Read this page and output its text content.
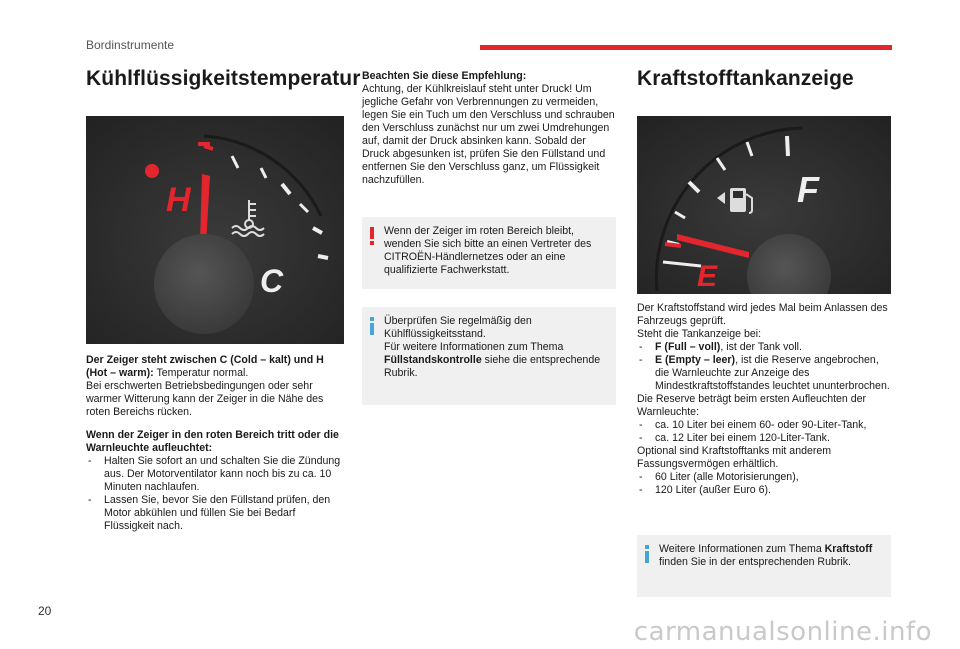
Bordinstrumente
Kühlflüssigkeitstemperatur
H
C

Der Zeiger steht zwischen C (Cold – kalt) und H (Hot – warm): Temperatur normal.

Bei erschwerten Betriebsbedingungen oder sehr warmer Witterung kann der Zeiger in die Nähe des roten Bereichs rücken.

Wenn der Zeiger in den roten Bereich tritt oder die Warnleuchte aufleuchtet:

- Halten Sie sofort an und schalten Sie die Zündung aus. Der Motorventilator kann noch bis zu ca. 10 Minuten nachlaufen.
- Lassen Sie, bevor Sie den Füllstand prüfen, den Motor abkühlen und füllen Sie bei Bedarf Flüssigkeit nach.

Beachten Sie diese Empfehlung:

Achtung, der Kühlkreislauf steht unter Druck! Um jegliche Gefahr von Verbrennungen zu vermeiden, legen Sie ein Tuch um den Verschluss und schrauben den Verschluss zunächst nur um zwei Umdrehungen auf, damit der Druck absinken kann. Sobald der Druck abgesunken ist, prüfen Sie den Füllstand und entfernen Sie den Verschluss ganz, um Flüssigkeit nachzufüllen.

Wenn der Zeiger im roten Bereich bleibt, wenden Sie sich bitte an einen Vertreter des CITROËN-Händlernetzes oder an eine qualifizierte Fachwerkstatt.

Überprüfen Sie regelmäßig den Kühlflüssigkeitsstand.

Für weitere Informationen zum Thema Füllstandskontrolle siehe die entsprechende Rubrik.

Kraftstofftankanzeige
F
E

Der Kraftstoffstand wird jedes Mal beim Anlassen des Fahrzeugs geprüft.

Steht die Tankanzeige bei:

- F (Full – voll), ist der Tank voll.
- E (Empty – leer), ist die Reserve angebrochen, die Warnleuchte zur Anzeige des Mindestkraftstoffstandes leuchtet ununterbrochen.

Die Reserve beträgt beim ersten Aufleuchten der Warnleuchte:

- ca. 10 Liter bei einem 60- oder 90-Liter-Tank,
- ca. 12 Liter bei einem 120-Liter-Tank.

Optional sind Kraftstofftanks mit anderem Fassungsvermögen erhältlich.

- 60 Liter (alle Motorisierungen),
- 120 Liter (außer Euro 6).

Weitere Informationen zum Thema Kraftstoff finden Sie in der entsprechenden Rubrik.

20
carmanualsonline.info
